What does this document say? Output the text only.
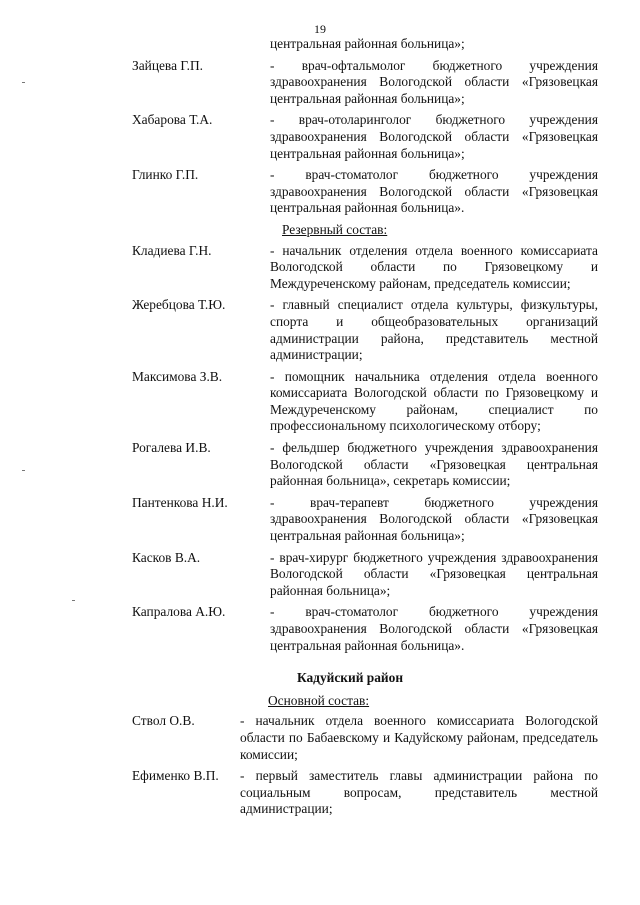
19
центральная районная больница»;
Зайцева Г.П.	- врач-офтальмолог бюджетного учреждения здравоохранения Вологодской области «Грязовецкая центральная районная больница»;
Хабарова Т.А.	- врач-отоларинголог бюджетного учреждения здравоохранения Вологодской области «Грязовецкая центральная районная больница»;
Глинко Г.П.	- врач-стоматолог бюджетного учреждения здравоохранения Вологодской области «Грязовецкая центральная районная больница».
Резервный состав:
Кладиева Г.Н.	- начальник отделения отдела военного комиссариата Вологодской области по Грязовецкому и Междуреченскому районам, председатель комиссии;
Жеребцова Т.Ю.	- главный специалист отдела культуры, физкультуры, спорта и общеобразовательных организаций администрации района, представитель местной администрации;
Максимова З.В.	- помощник начальника отделения отдела военного комиссариата Вологодской области по Грязовецкому и Междуреченскому районам, специалист по профессиональному психологическому отбору;
Рогалева И.В.	- фельдшер бюджетного учреждения здравоохранения Вологодской области «Грязовецкая центральная районная больница», секретарь комиссии;
Пантенкова Н.И.	- врач-терапевт бюджетного учреждения здравоохранения Вологодской области «Грязовецкая центральная районная больница»;
Касков В.А.	- врач-хирург бюджетного учреждения здравоохранения Вологодской области «Грязовецкая центральная районная больница»;
Капралова А.Ю.	- врач-стоматолог бюджетного учреждения здравоохранения Вологодской области «Грязовецкая центральная районная больница».
Кадуйский район
Основной состав:
Ствол О.В.	- начальник отдела военного комиссариата Вологодской области по Бабаевскому и Кадуйскому районам, председатель комиссии;
Ефименко В.П. - первый заместитель главы администрации района по социальным вопросам, представитель местной администрации;
